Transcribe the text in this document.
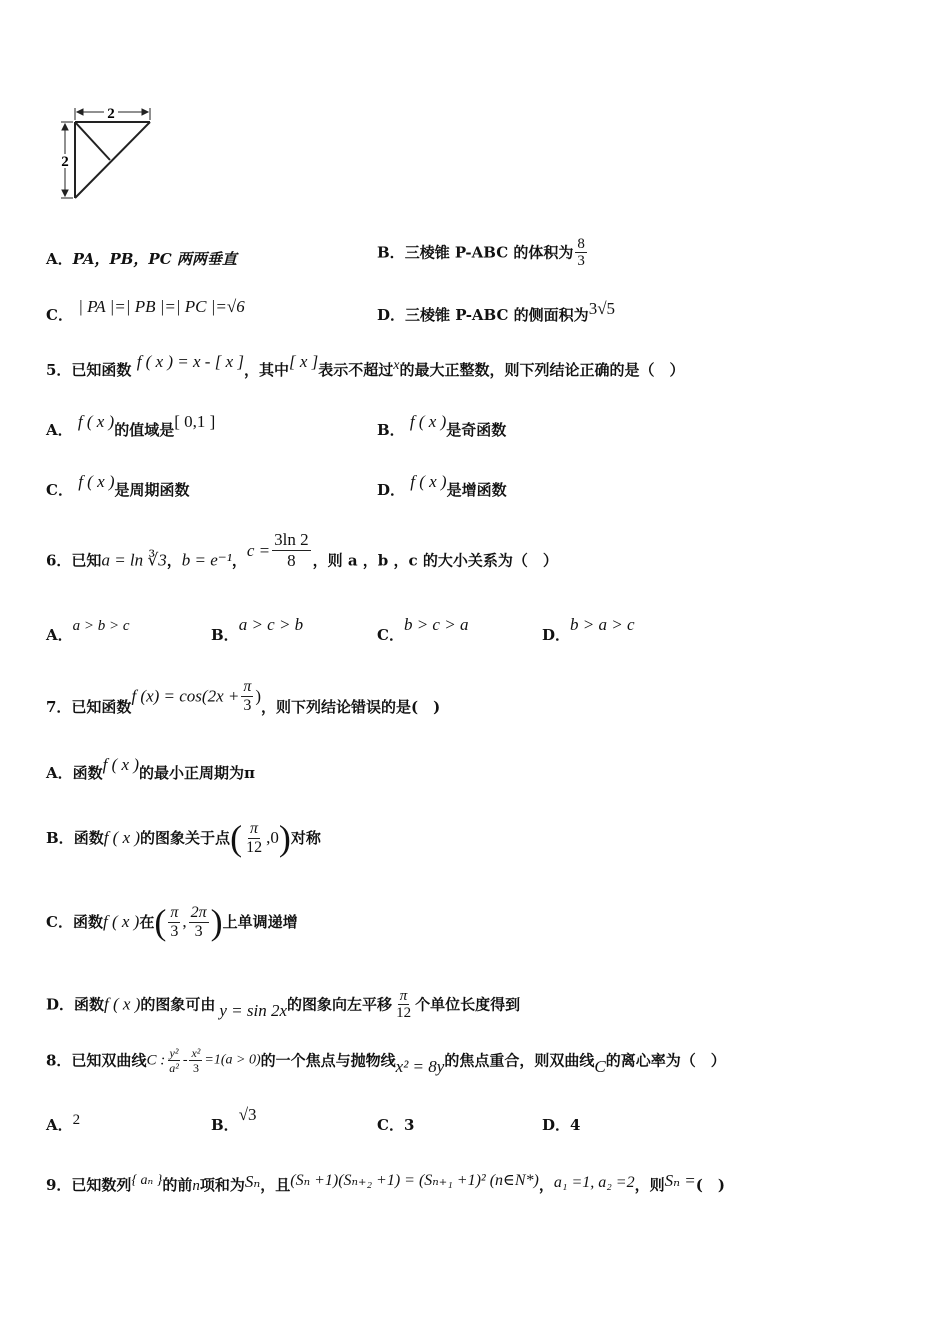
2
2
A．PA，PB，PC 两两垂直	B．三棱锥 P-ABC 的体积为 $\frac{8}{3}$
C． | PA |=| PB |=| PC |=√6	D．三棱锥 P-ABC 的侧面积为3√5
5．已知函数 f ( x ) = x - [ x ]，其中[ x ]表示不超过x的最大正整数，则下列结论正确的是（　）
A． f ( x )的值域是[ 0,1 ]	B． f ( x )是奇函数
C． f ( x )是周期函数	D． f ( x )是增函数
6．已知a = ln ∛3，b = e⁻¹，$c = \frac{3\ln 2}{8}$ ，则 a ，b ，c 的大小关系为（　）
A．a > b > c	B．a > c > b
C．b > c > a
D．b > a > c
7．已知函数f $(x) = \cos(2x + \frac{\pi}{3}$ )，则下列结论错误的是(　)
A．函数f ( x )的最小正周期为π
B．函数f ( x )的图象关于点( $\frac{\pi}{12} ,0$)对称
C．函数f ( x )在( $\frac{\pi}{3}$ , $\frac{2\pi}{3}$ )上单调递增
D．函数f ( x )的图象可由 y = sin 2x的图象向左平移 $\frac{\pi}{12}$ 个单位长度得到
8．已知双曲线C : $\frac{\text{y²}}{\text{a²}} - \frac{\text{x²}}{3} =1(a > 0)$的一个焦点与抛物线x² = 8y的焦点重合，则双曲线C的离心率为（　）
A．2	B．√3
C．3	D．4
9．已知数列{ aₙ }的前n项和为Sₙ，且(Sₙ +1)(Sₙ₊₂ +1) = (Sₙ₊₁ +1)² (n∈N*)，a₁ =1, a₂ =2，则Sₙ =(　)
